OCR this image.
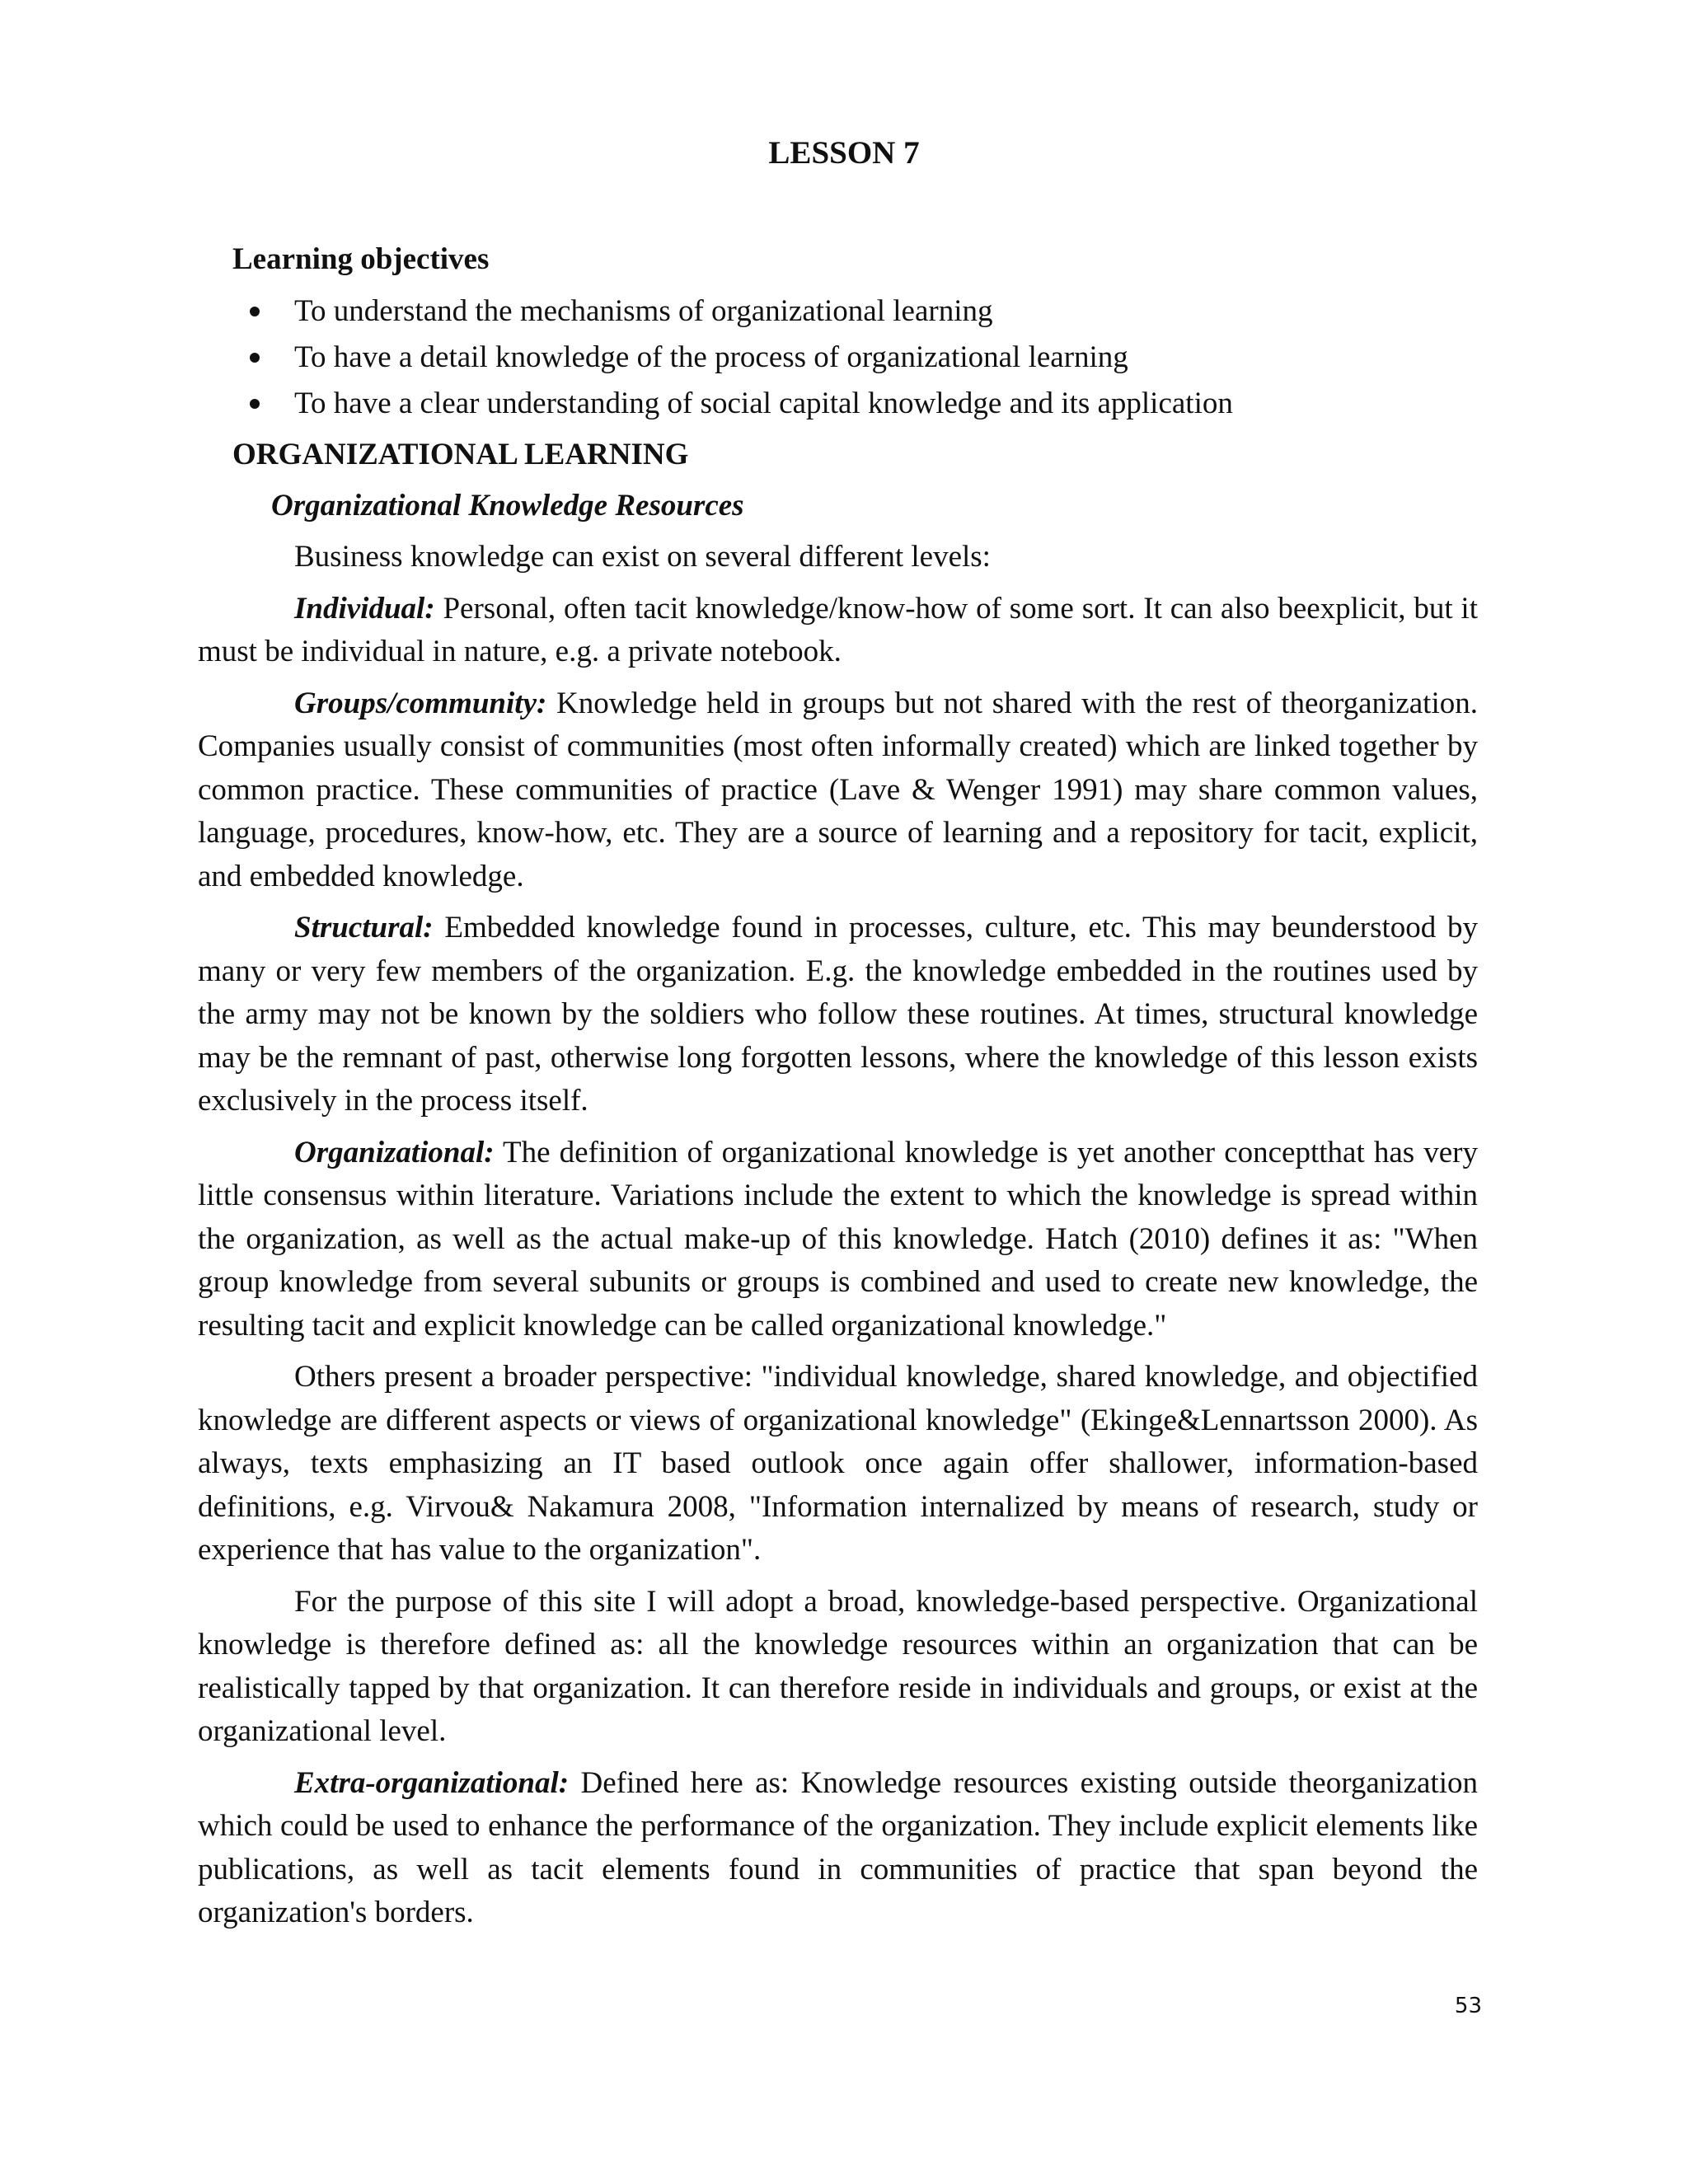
LESSON 7
Learning objectives
To understand the mechanisms of organizational learning
To have a detail knowledge of the process of organizational learning
To have a clear understanding of social capital knowledge and its application
ORGANIZATIONAL LEARNING
Organizational Knowledge Resources

Business knowledge can exist on several different levels:

Individual: Personal, often tacit knowledge/know-how of some sort. It can also beexplicit, but it must be individual in nature, e.g. a private notebook.

Groups/community: Knowledge held in groups but not shared with the rest of theorganization. Companies usually consist of communities (most often informally created) which are linked together by common practice. These communities of practice (Lave & Wenger 1991) may share common values, language, procedures, know-how, etc. They are a source of learning and a repository for tacit, explicit, and embedded knowledge.

Structural: Embedded knowledge found in processes, culture, etc. This may beunderstood by many or very few members of the organization. E.g. the knowledge embedded in the routines used by the army may not be known by the soldiers who follow these routines. At times, structural knowledge may be the remnant of past, otherwise long forgotten lessons, where the knowledge of this lesson exists exclusively in the process itself.

Organizational: The definition of organizational knowledge is yet another conceptthat has very little consensus within literature. Variations include the extent to which the knowledge is spread within the organization, as well as the actual make-up of this knowledge. Hatch (2010) defines it as: "When group knowledge from several subunits or groups is combined and used to create new knowledge, the resulting tacit and explicit knowledge can be called organizational knowledge."

Others present a broader perspective: "individual knowledge, shared knowledge, and objectified knowledge are different aspects or views of organizational knowledge" (Ekinge&Lennartsson 2000). As always, texts emphasizing an IT based outlook once again offer shallower, information-based definitions, e.g. Virvou& Nakamura 2008, "Information internalized by means of research, study or experience that has value to the organization".

For the purpose of this site I will adopt a broad, knowledge-based perspective. Organizational knowledge is therefore defined as: all the knowledge resources within an organization that can be realistically tapped by that organization. It can therefore reside in individuals and groups, or exist at the organizational level.

Extra-organizational: Defined here as: Knowledge resources existing outside theorganization which could be used to enhance the performance of the organization. They include explicit elements like publications, as well as tacit elements found in communities of practice that span beyond the organization's borders.

53
